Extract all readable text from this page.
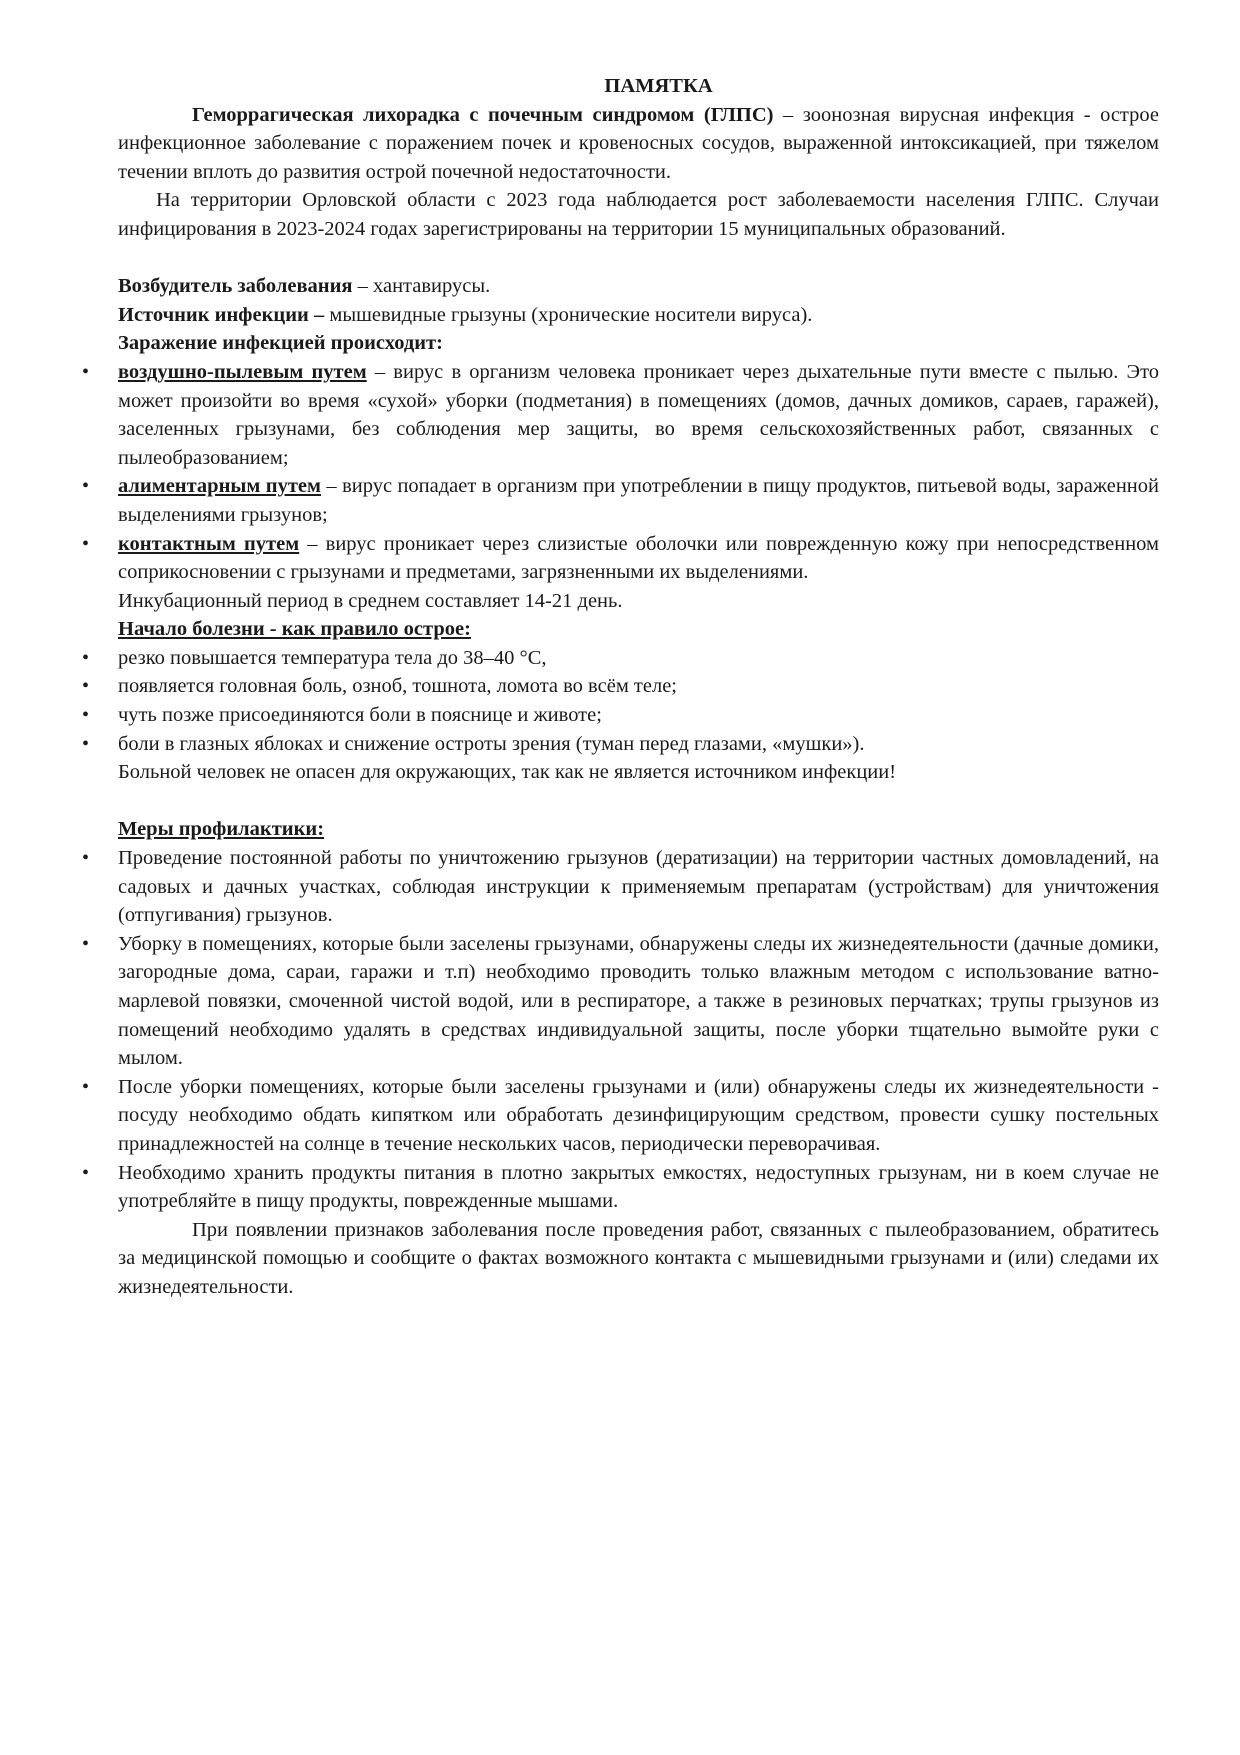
ПАМЯТКА

Геморрагическая лихорадка с почечным синдромом (ГЛПС) – зоонозная вирусная инфекция - острое инфекционное заболевание с поражением почек и кровеносных сосудов, выраженной интоксикацией, при тяжелом течении вплоть до развития острой почечной недостаточности.

На территории Орловской области с 2023 года наблюдается рост заболеваемости населения ГЛПС. Случаи инфицирования в 2023-2024 годах зарегистрированы на территории 15 муниципальных образований.

Возбудитель заболевания – хантавирусы.

Источник инфекции – мышевидные грызуны (хронические носители вируса).

Заражение инфекцией происходит:

• воздушно-пылевым путем – вирус в организм человека проникает через дыхательные пути вместе с пылью. Это может произойти во время «сухой» уборки (подметания) в помещениях (домов, дачных домиков, сараев, гаражей), заселенных грызунами, без соблюдения мер защиты, во время сельскохозяйственных работ, связанных с пылеобразованием;
• алиментарным путем – вирус попадает в организм при употреблении в пищу продуктов, питьевой воды, зараженной выделениями грызунов;
• контактным путем – вирус проникает через слизистые оболочки или поврежденную кожу при непосредственном соприкосновении с грызунами и предметами, загрязненными их выделениями.

Инкубационный период в среднем составляет 14-21 день.

Начало болезни - как правило острое:

• резко повышается температура тела до 38–40 °С,
• появляется головная боль, озноб, тошнота, ломота во всём теле;
• чуть позже присоединяются боли в пояснице и животе;
• боли в глазных яблоках и снижение остроты зрения (туман перед глазами, «мушки»).

Больной человек не опасен для окружающих, так как не является источником инфекции!

Меры профилактики:

• Проведение постоянной работы по уничтожению грызунов (дератизации) на территории частных домовладений, на садовых и дачных участках, соблюдая инструкции к применяемым препаратам (устройствам) для уничтожения (отпугивания) грызунов.
• Уборку в помещениях, которые были заселены грызунами, обнаружены следы их жизнедеятельности (дачные домики, загородные дома, сараи, гаражи и т.п) необходимо проводить только влажным методом с использование ватно-марлевой повязки, смоченной чистой водой, или в респираторе, а также в резиновых перчатках; трупы грызунов из помещений необходимо удалять в средствах индивидуальной защиты, после уборки тщательно вымойте руки с мылом.
• После уборки помещениях, которые были заселены грызунами и (или) обнаружены следы их жизнедеятельности - посуду необходимо обдать кипятком или обработать дезинфицирующим средством, провести сушку постельных принадлежностей на солнце в течение нескольких часов, периодически переворачивая.
• Необходимо хранить продукты питания в плотно закрытых емкостях, недоступных грызунам, ни в коем случае не употребляйте в пищу продукты, поврежденные мышами.

При появлении признаков заболевания после проведения работ, связанных с пылеобразованием, обратитесь за медицинской помощью и сообщите о фактах возможного контакта с мышевидными грызунами и (или) следами их жизнедеятельности.
